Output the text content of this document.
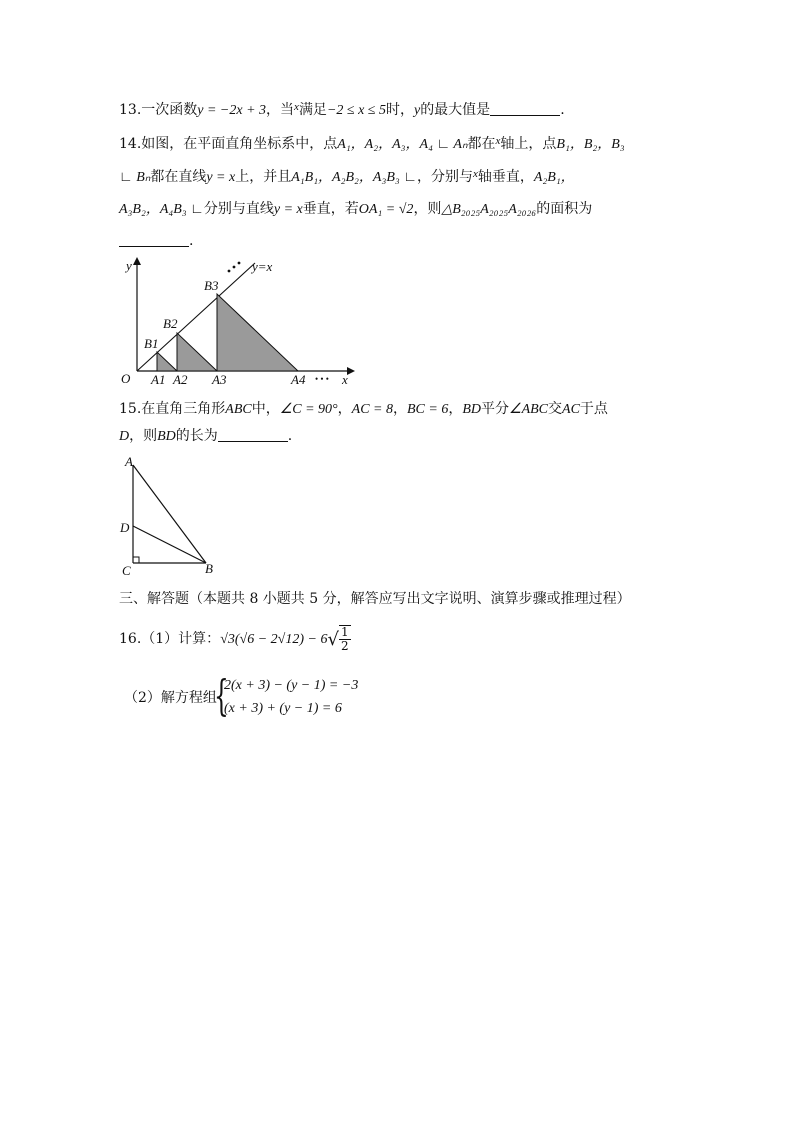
13.一次函数y = −2x + 3，当$^x$满足−2 ≤ x ≤ 5时，y的最大值是	.
14.如图，在平面直角坐标系中，点A₁，A₂，A₃，A₄ ∟ Aₙ都在$^x$轴上，点B₁，B₂，B₃
∟ Bₙ都在直线y = x上，并且A₁B₁，A₂B₂，A₃B₃ ∟，分别与$^x$轴垂直，A₂B₁，
A₃B₂，A₄B₃ ∟分别与直线y = x垂直，若OA₁ = √2，则△B₂₀₂₅A₂₀₂₅A₂₀₂₆的面积为
.
y
x
y=x
O A1 A2 A3	A4 • • •
B1
B2
B3
15.在直角三角形ABC中，∠C = 90°，AC = 8，BC = 6，BD平分∠ABC交AC于点
D，则BD的长为	.
A
D
C	B
三、解答题（本题共 8 小题共 5 分，解答应写出文字说明、演算步骤或推理过程）
16.（1）计算：$√3(√6 - 2√12) - 6√ \frac{1}{2}$
（2）解方程组
{
2(x + 3) − (y − 1) = −3
(x + 3) + (y − 1) = 6
